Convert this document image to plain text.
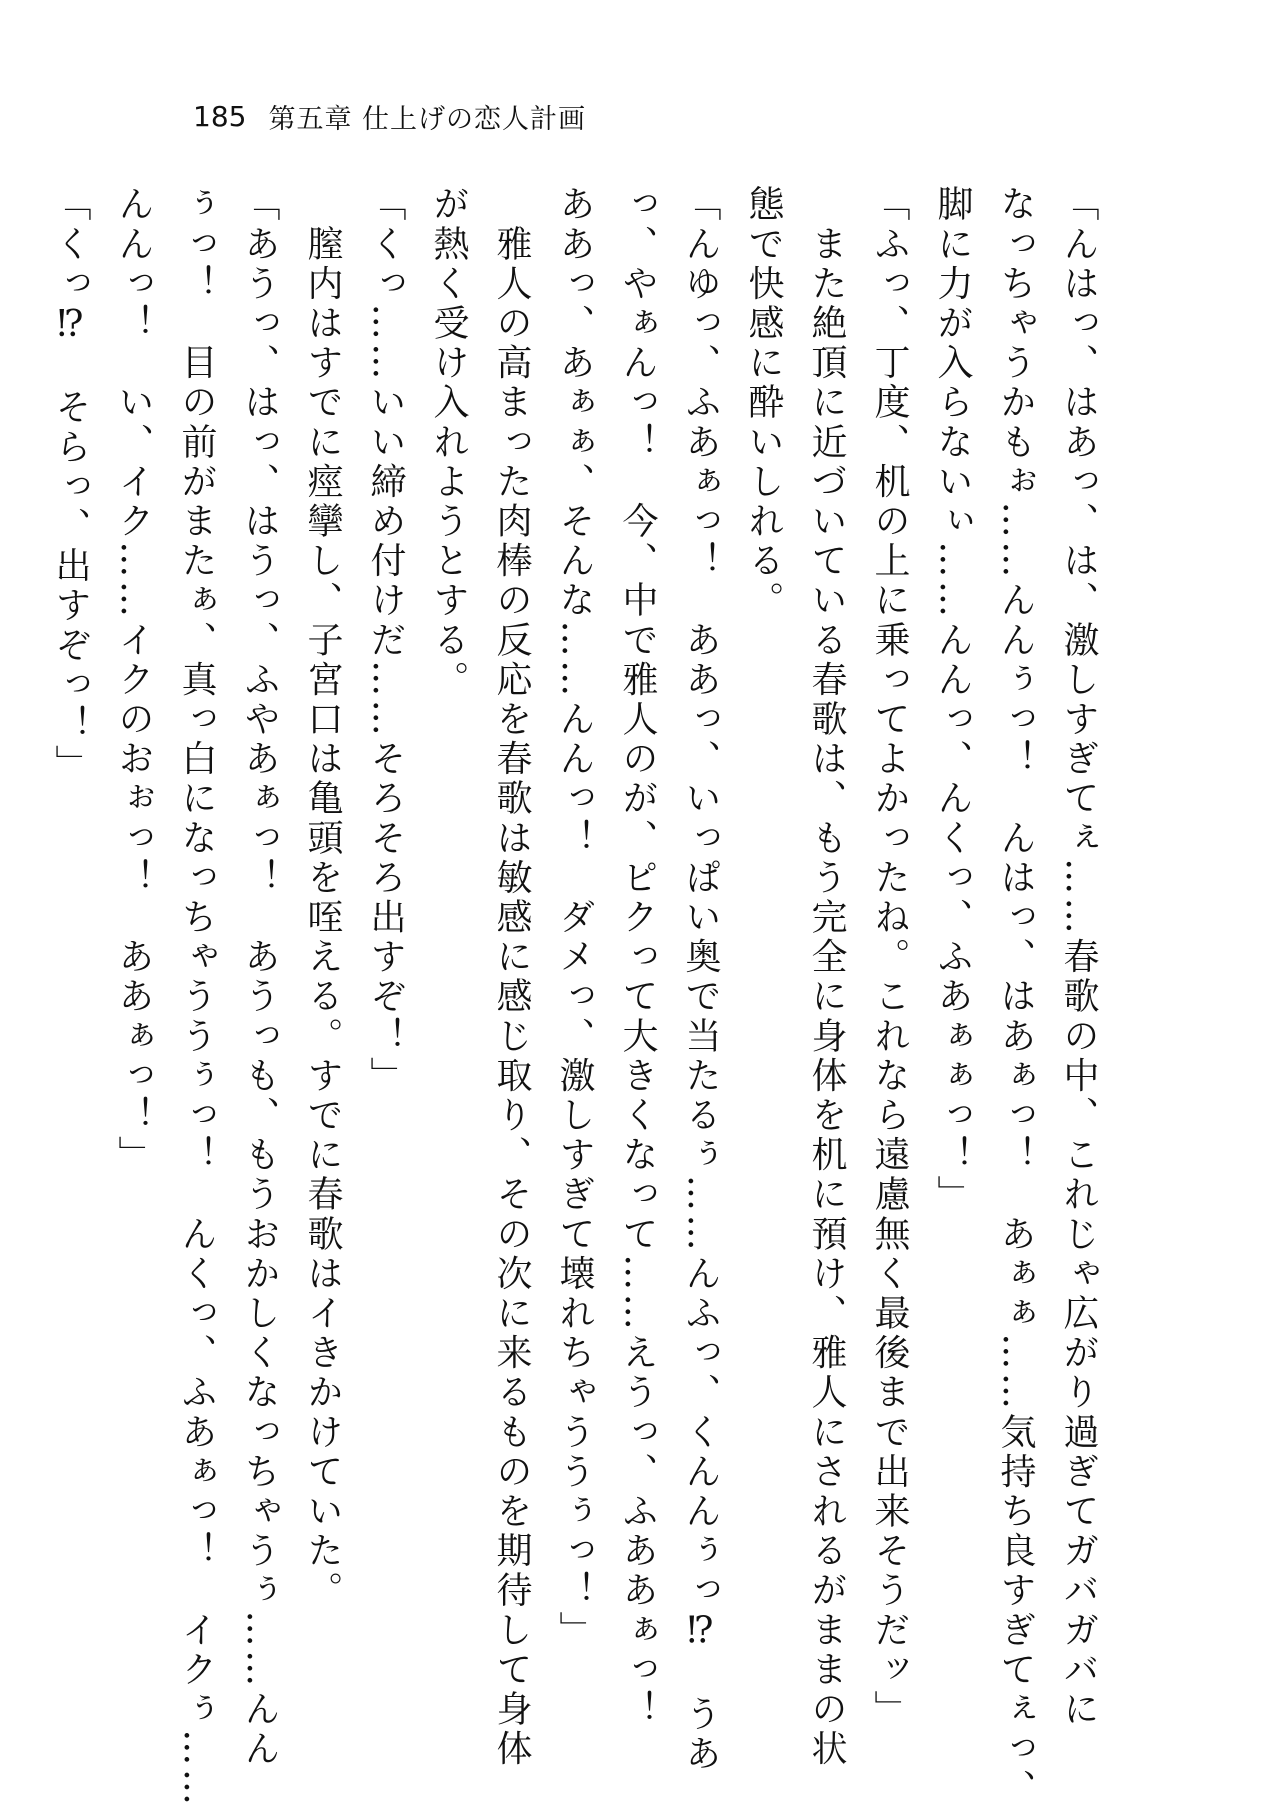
185 第五章 仕上げの恋人計画
「んはっ、はあっ、は、激しすぎてぇ……春歌の中、これじゃ広がり過ぎてガバガバに
なっちゃうかもぉ……んんぅっ！　んはっ、はあぁっ！　あぁぁ……気持ち良すぎてぇっ、
脚に力が入らないぃ……んんっ、んくっ、ふあぁぁっ！」
「ふっ、丁度、机の上に乗ってよかったね。これなら遠慮無く最後まで出来そうだッ」
　また絶頂に近づいている春歌は、もう完全に身体を机に預け、雅人にされるがままの状
態で快感に酔いしれる。
「んゆっ、ふあぁっ！　ああっ、いっぱい奥で当たるぅ……んふっ、くんんぅっ⁉　うあ
っ、やぁんっ！　今、中で雅人のが、ピクって大きくなって……えうっ、ふああぁっ！
ああっ、あぁぁ、そんな……んんっ！　ダメっ、激しすぎて壊れちゃううぅっ！」
　雅人の高まった肉棒の反応を春歌は敏感に感じ取り、その次に来るものを期待して身体
が熱く受け入れようとする。
「くっ……いい締め付けだ……そろそろ出すぞ！」
　膣内はすでに痙攣し、子宮口は亀頭を咥える。すでに春歌はイきかけていた。
「あうっ、はっ、はうっ、ふやあぁっ！　あうっも、もうおかしくなっちゃうぅ……んん
ぅっ！　目の前がまたぁ、真っ白になっちゃううぅっ！　んくっ、ふあぁっ！　イクぅ……
んんっ！　い、イク……イクのおぉっ！　ああぁっ！」
「くっ⁉　そらっ、出すぞっ！」
